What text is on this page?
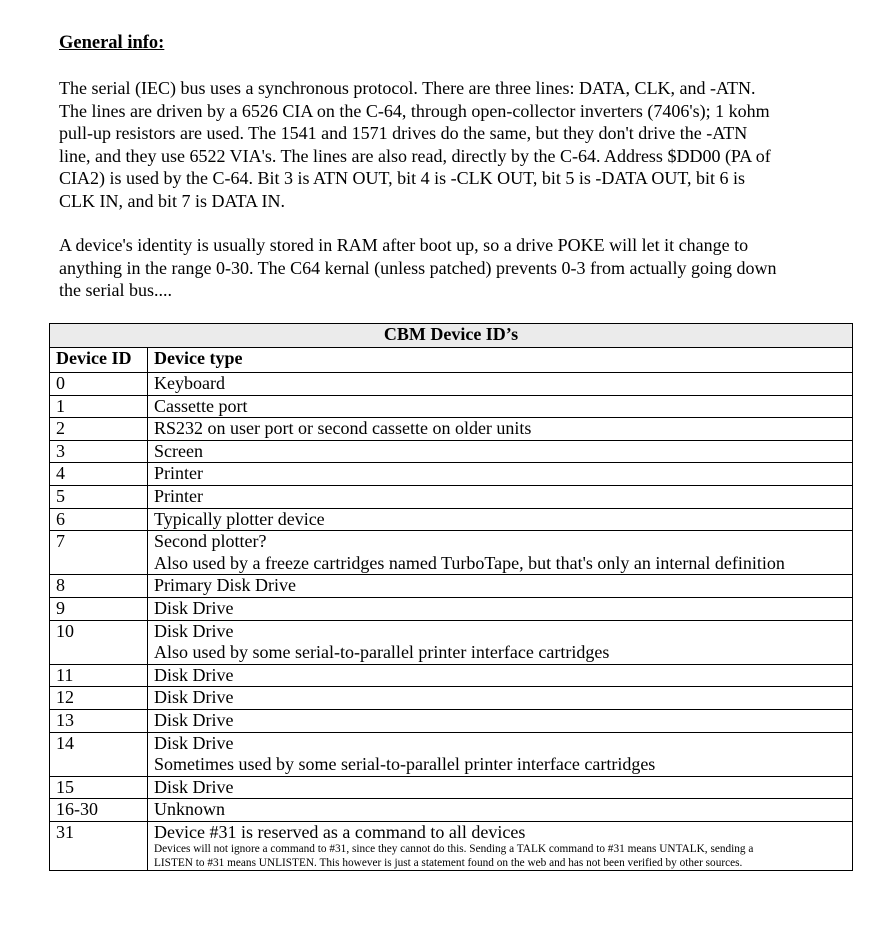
General info:
The serial (IEC) bus uses a synchronous protocol. There are three lines: DATA, CLK, and -ATN.
The lines are driven by a 6526 CIA on the C-64, through open-collector inverters (7406's); 1 kohm
pull-up resistors are used. The 1541 and 1571 drives do the same, but they don't drive the -ATN
line, and they use 6522 VIA's. The lines are also read, directly by the C-64. Address $DD00 (PA of
CIA2) is used by the C-64. Bit 3 is ATN OUT, bit 4 is -CLK OUT, bit 5 is -DATA OUT, bit 6 is
CLK IN, and bit 7 is DATA IN.
A device's identity is usually stored in RAM after boot up, so a drive POKE will let it change to
anything in the range 0-30. The C64 kernal (unless patched) prevents 0-3 from actually going down
the serial bus....
CBM Device ID’s	
Device ID	Device type
0	Keyboard

1	Cassette port

2	RS232 on user port or second cassette on older units

3	Screen

4	Printer

5	Printer

6	Typically plotter device

7	Second plotter?
Also used by a freeze cartridges named TurboTape, but that's only an internal definition

8	Primary Disk Drive

9	Disk Drive

10	Disk Drive
Also used by some serial-to-parallel printer interface cartridges

11	Disk Drive

12	Disk Drive

13	Disk Drive

14	Disk Drive
Sometimes used by some serial-to-parallel printer interface cartridges

15	Disk Drive

16-30	Unknown

31	Device #31 is reserved as a command to all devices
Devices will not ignore a command to #31, since they cannot do this. Sending a TALK command to #31 means UNTALK, sending a
LISTEN to #31 means UNLISTEN. This however is just a statement found on the web and has not been verified by other sources.
